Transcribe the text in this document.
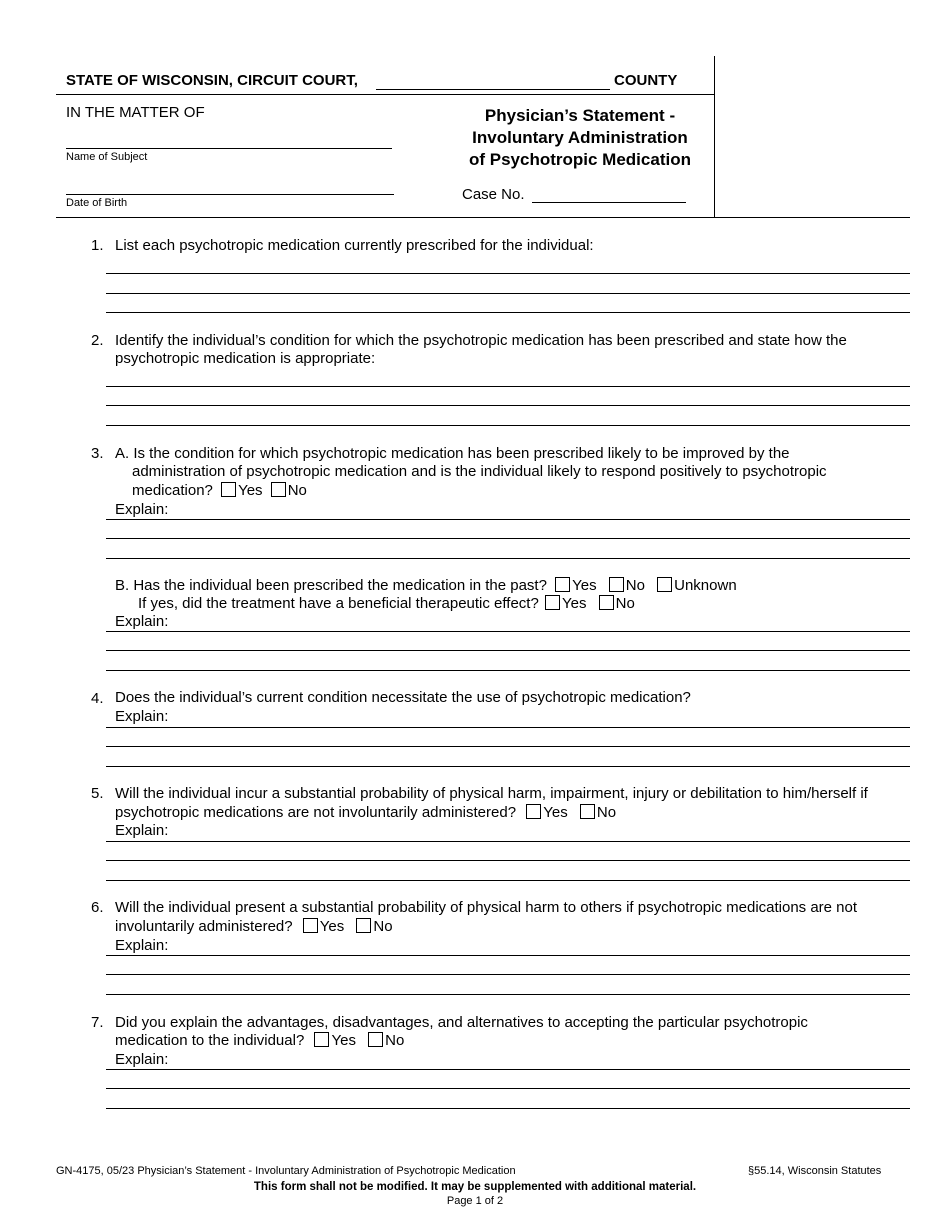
STATE OF WISCONSIN, CIRCUIT COURT,	COUNTY
IN THE MATTER OF
Name of Subject
Date of Birth
Physician’s Statement -
Involuntary Administration
of Psychotropic Medication
Case No.
1. List each psychotropic medication currently prescribed for the individual:
2. Identify the individual’s condition for which the psychotropic medication has been prescribed and state how the
psychotropic medication is appropriate:
3. A. Is the condition for which psychotropic medication has been prescribed likely to be improved by the
administration of psychotropic medication and is the individual likely to respond positively to psychotropic
medication? Yes No
Explain:
B. Has the individual been prescribed the medication in the past? Yes No Unknown
If yes, did the treatment have a beneficial therapeutic effect? Yes No
Explain:
4. Does the individual’s current condition necessitate the use of psychotropic medication?
Explain:
5. Will the individual incur a substantial probability of physical harm, impairment, injury or debilitation to him/herself if
psychotropic medications are not involuntarily administered? Yes No
Explain:
6. Will the individual present a substantial probability of physical harm to others if psychotropic medications are not
involuntarily administered? Yes No
Explain:
7. Did you explain the advantages, disadvantages, and alternatives to accepting the particular psychotropic
medication to the individual? Yes No
Explain:
GN-4175, 05/23 Physician’s Statement - Involuntary Administration of Psychotropic Medication	§55.14, Wisconsin Statutes
This form shall not be modified. It may be supplemented with additional material.
Page 1 of 2
